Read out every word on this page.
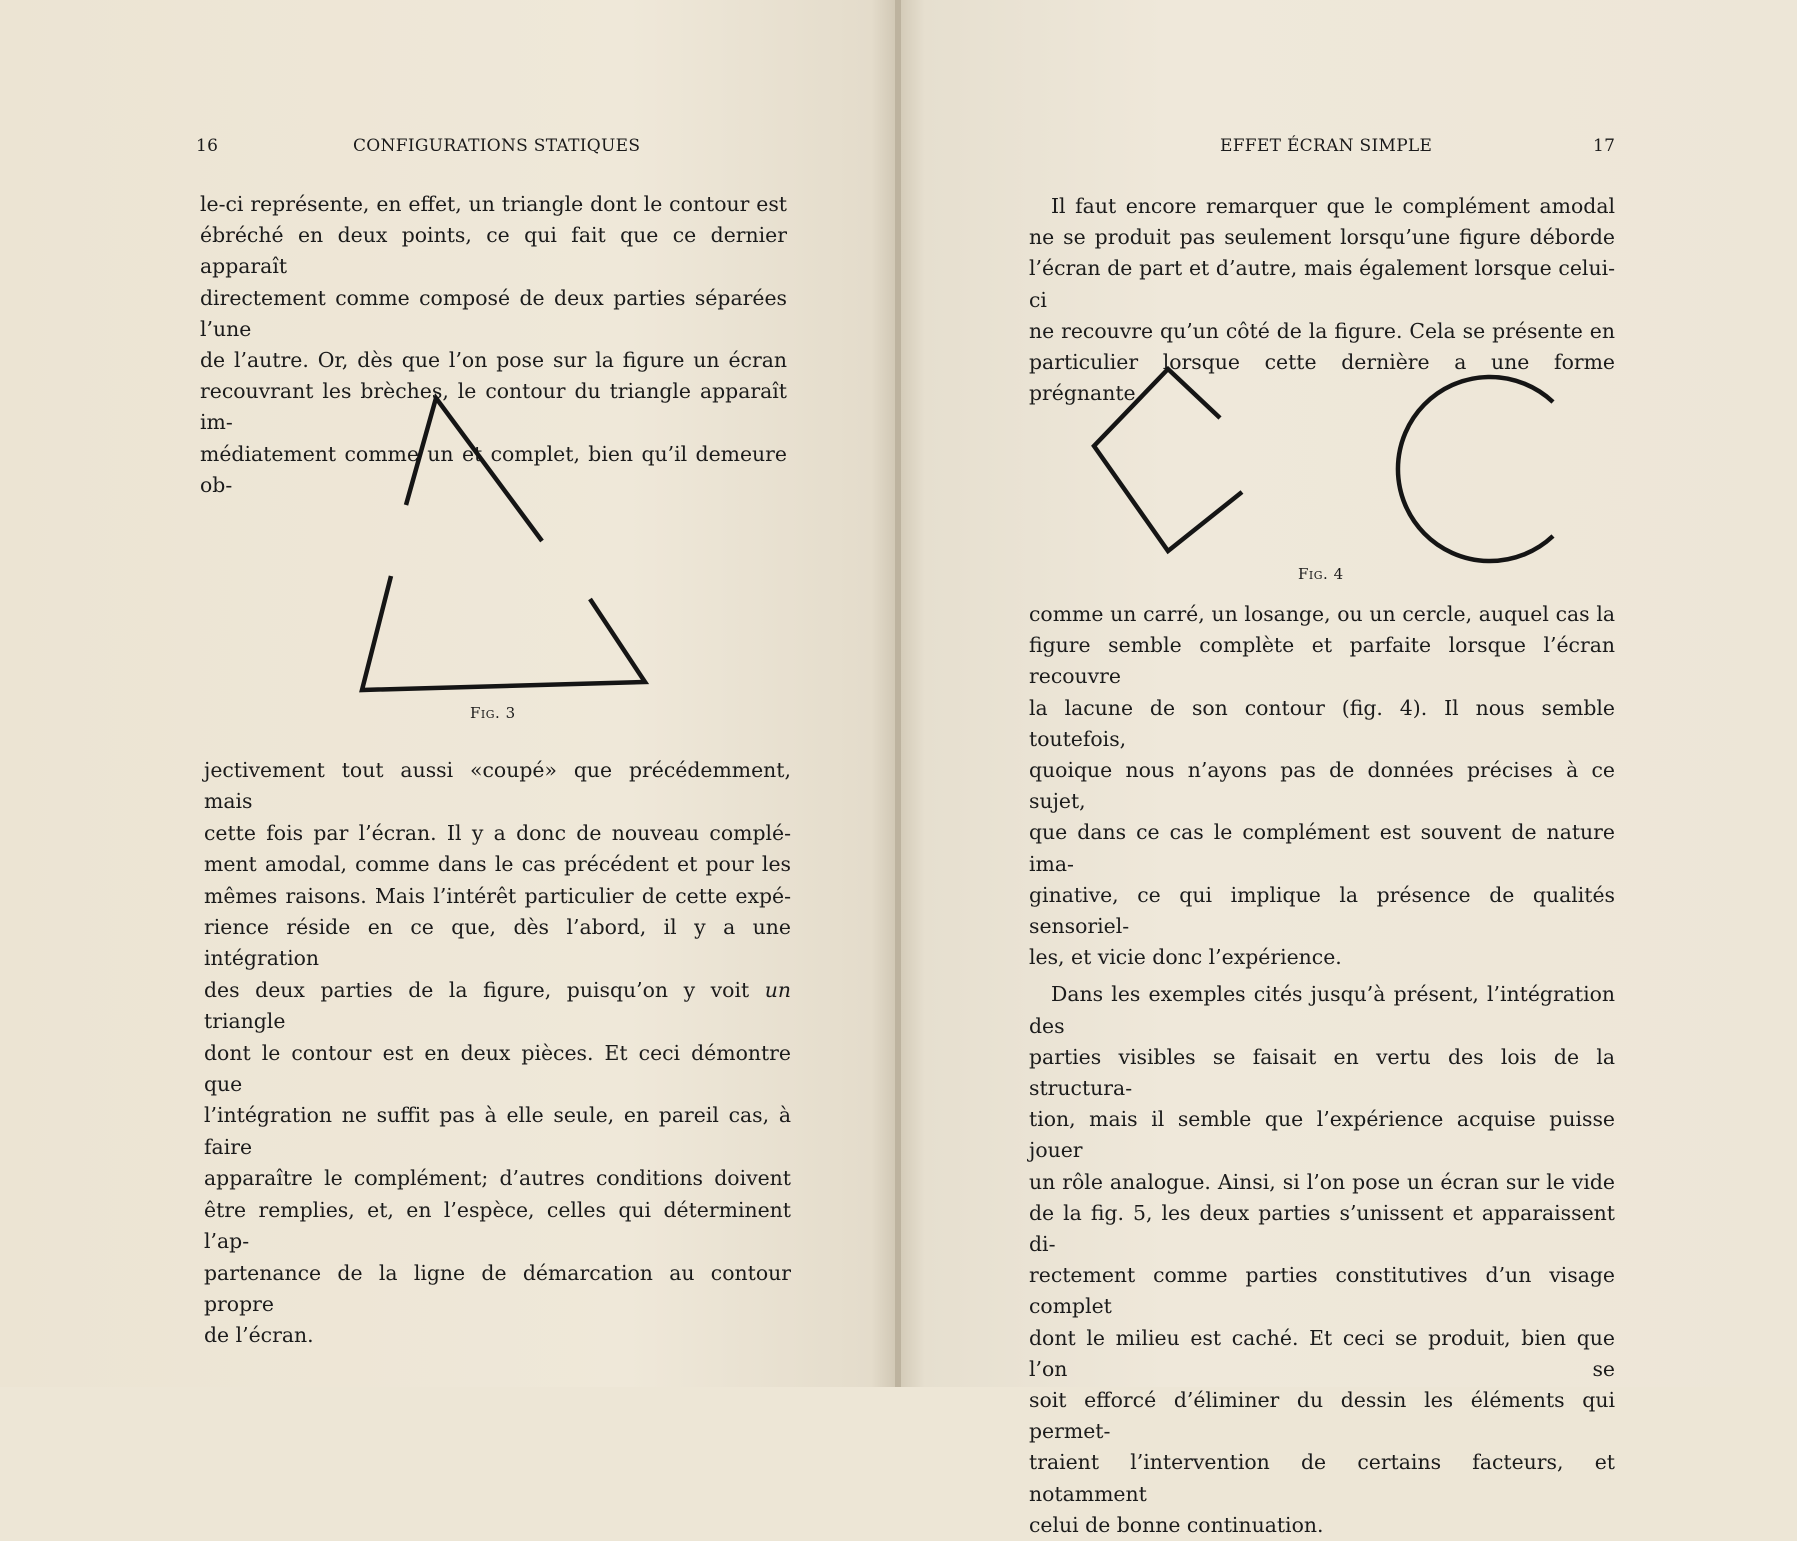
16	CONFIGURATIONS STATIQUES	EFFET ÉCRAN SIMPLE	17

le-ci représente, en effet, un triangle dont le contour est

ébréché en deux points, ce qui fait que ce dernier apparaît

directement comme composé de deux parties séparées l’une

de l’autre. Or, dès que l’on pose sur la figure un écran

recouvrant les brèches, le contour du triangle apparaît im-

médiatement comme un et complet, bien qu’il demeure ob-

Fig. 3

jectivement tout aussi «coupé» que précédemment, mais

cette fois par l’écran. Il y a donc de nouveau complé-

ment amodal, comme dans le cas précédent et pour les

mêmes raisons. Mais l’intérêt particulier de cette expé-

rience réside en ce que, dès l’abord, il y a une intégration

des deux parties de la figure, puisqu’on y voit un triangle

dont le contour est en deux pièces. Et ceci démontre que

l’intégration ne suffit pas à elle seule, en pareil cas, à faire

apparaître le complément; d’autres conditions doivent

être remplies, et, en l’espèce, celles qui déterminent l’ap-

partenance de la ligne de démarcation au contour propre

de l’écran.

Il faut encore remarquer que le complément amodal

ne se produit pas seulement lorsqu’une figure déborde

l’écran de part et d’autre, mais également lorsque celui-ci

ne recouvre qu’un côté de la figure. Cela se présente en

particulier lorsque cette dernière a une forme prégnante,

Fig. 4

comme un carré, un losange, ou un cercle, auquel cas la

figure semble complète et parfaite lorsque l’écran recouvre

la lacune de son contour (fig. 4). Il nous semble toutefois,

quoique nous n’ayons pas de données précises à ce sujet,

que dans ce cas le complément est souvent de nature ima-

ginative, ce qui implique la présence de qualités sensoriel-

les, et vicie donc l’expérience.

Dans les exemples cités jusqu’à présent, l’intégration des

parties visibles se faisait en vertu des lois de la structura-

tion, mais il semble que l’expérience acquise puisse jouer

un rôle analogue. Ainsi, si l’on pose un écran sur le vide

de la fig. 5, les deux parties s’unissent et apparaissent di-

rectement comme parties constitutives d’un visage complet

dont le milieu est caché. Et ceci se produit, bien que l’on se

soit efforcé d’éliminer du dessin les éléments qui permet-

traient l’intervention de certains facteurs, et notamment

celui de bonne continuation.
